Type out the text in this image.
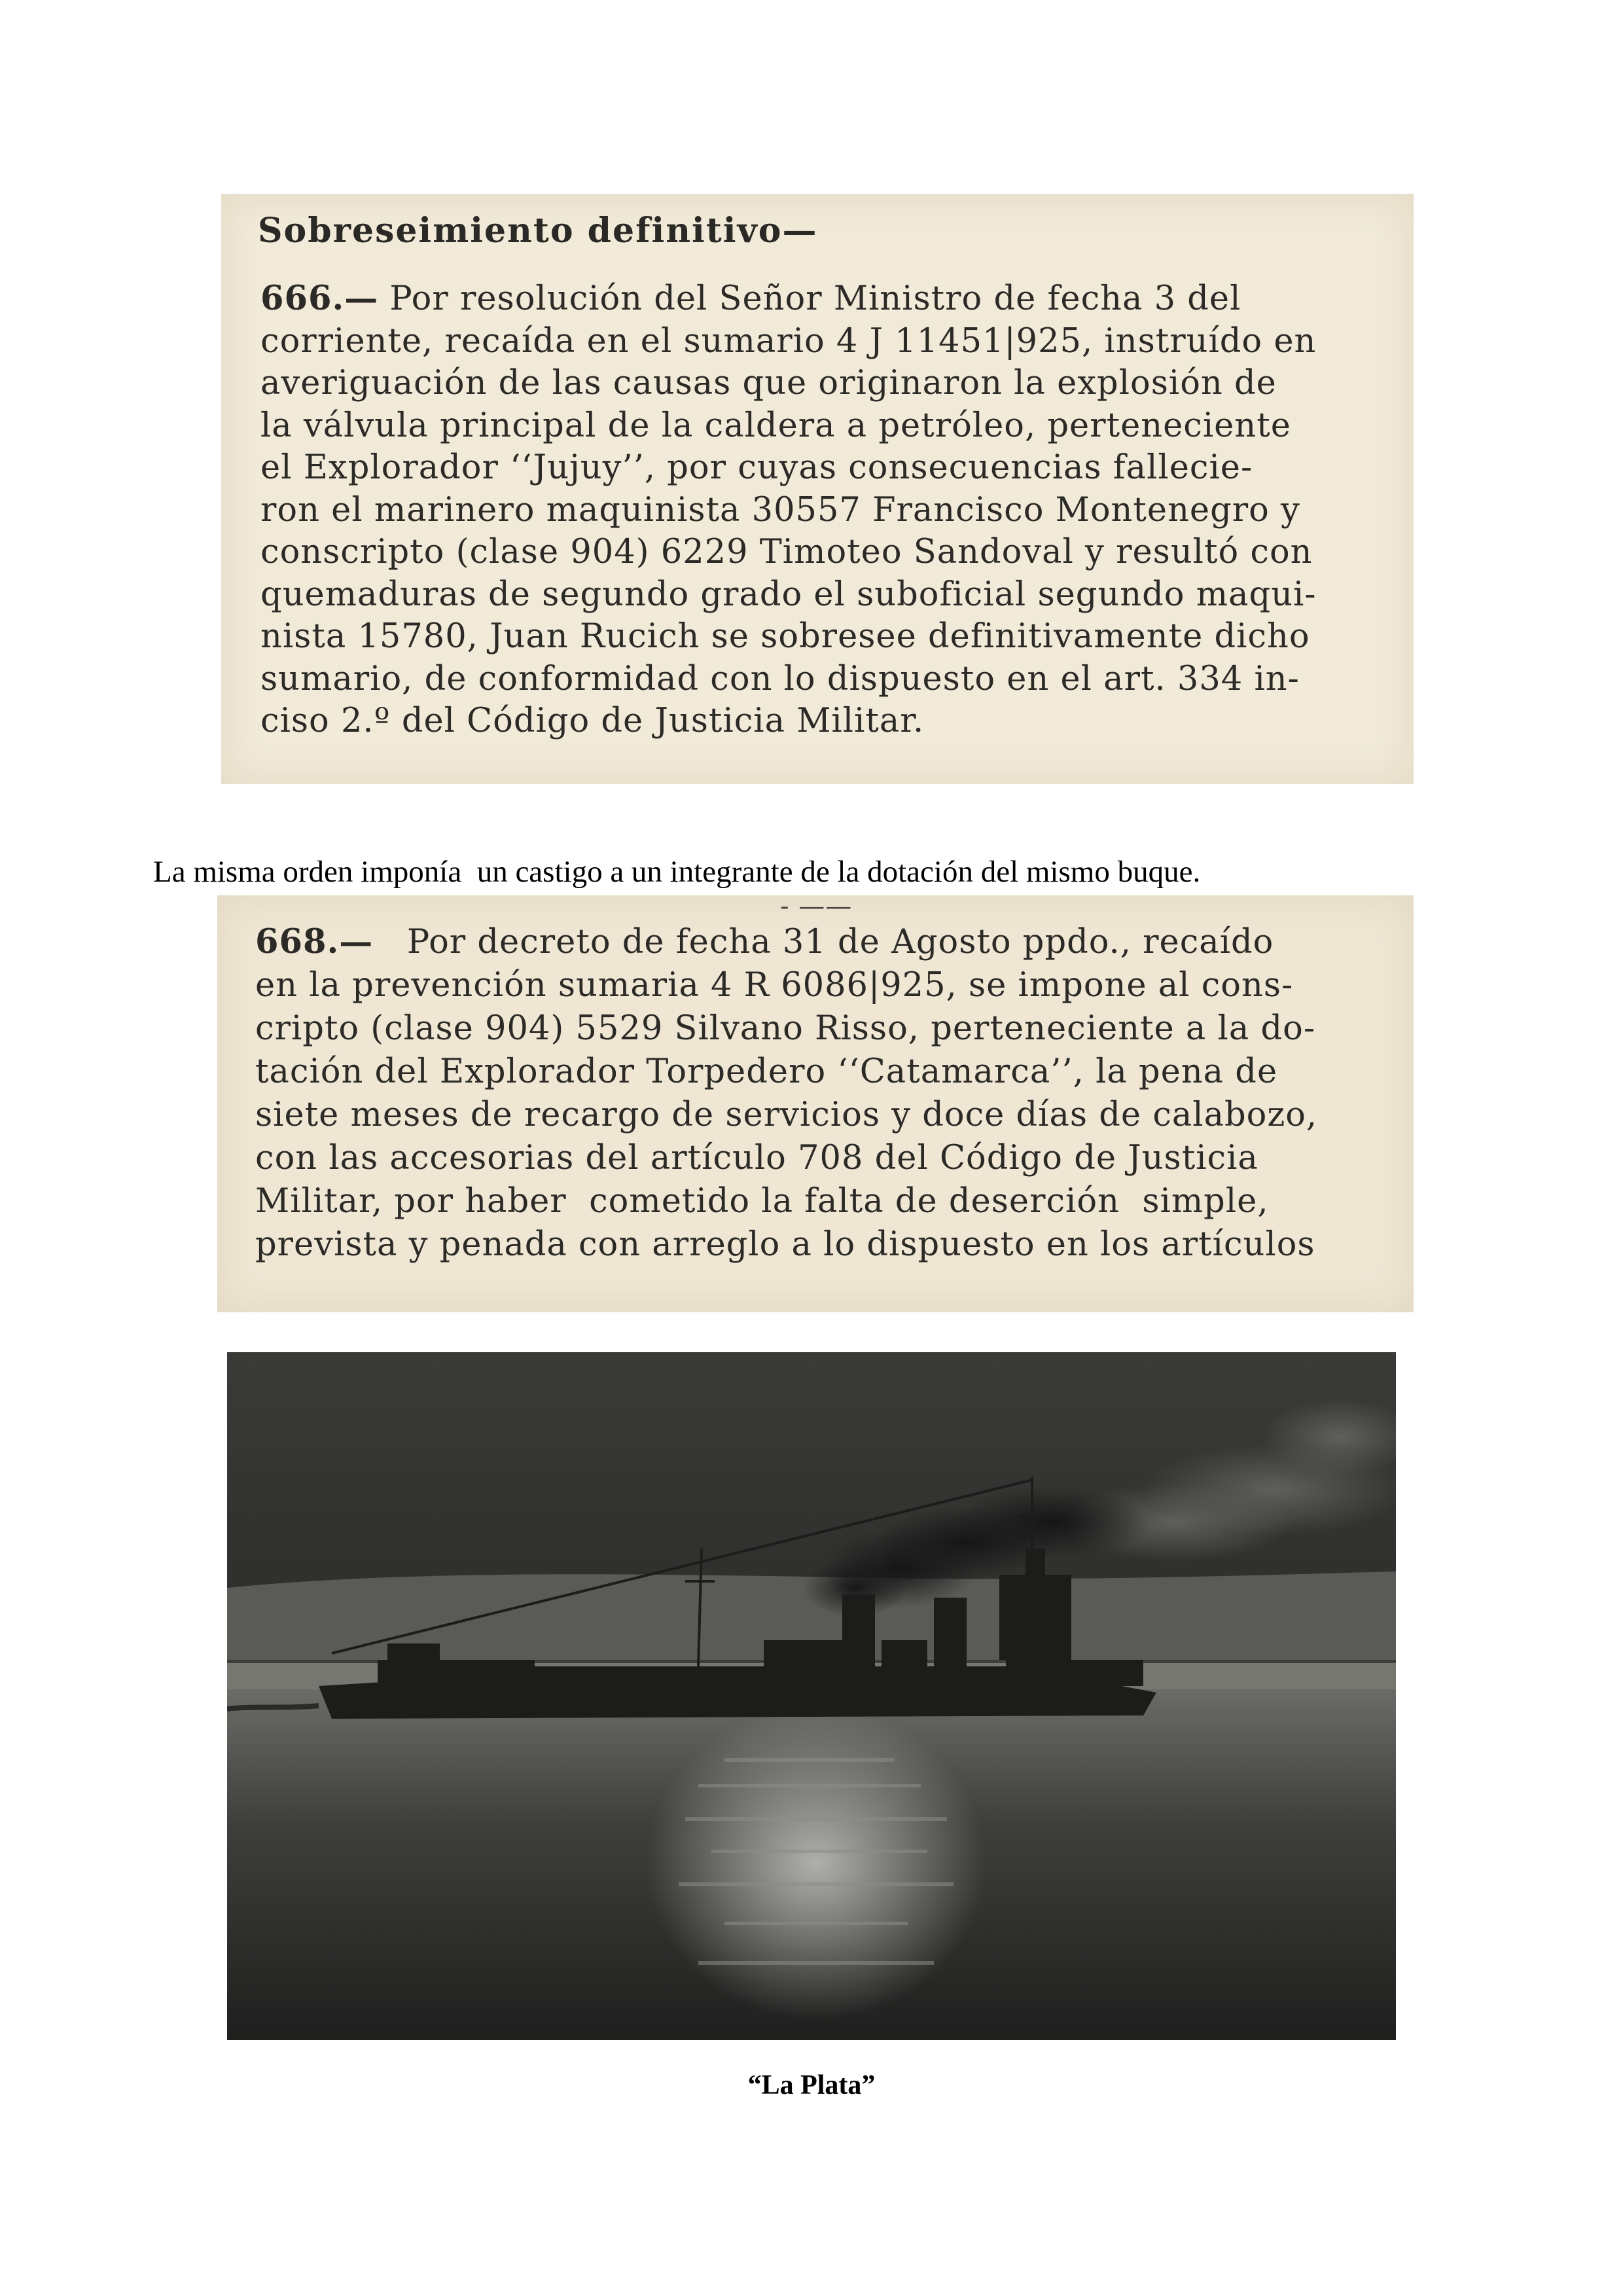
Sobreseimiento definitivo—

666.— Por resolución del Señor Ministro de fecha 3 del

corriente, recaída en el sumario 4 J 11451|925, instruído en

averiguación de las causas que originaron la explosión de

la válvula principal de la caldera a petróleo, perteneciente

el Explorador ‘‘Jujuy’’, por cuyas consecuencias fallecie-

ron el marinero maquinista 30557 Francisco Montenegro y

conscripto (clase 904) 6229 Timoteo Sandoval y resultó con

quemaduras de segundo grado el suboficial segundo maqui-

nista 15780, Juan Rucich se sobresee definitivamente dicho

sumario, de conformidad con lo dispuesto en el art. 334 in-

ciso 2.º del Código de Justicia Militar.

La misma orden imponía  un castigo a un integrante de la dotación del mismo buque.

- ——

668.—   Por decreto de fecha 31 de Agosto ppdo., recaído

en la prevención sumaria 4 R 6086|925, se impone al cons-

cripto (clase 904) 5529 Silvano Risso, perteneciente a la do-

tación del Explorador Torpedero ‘‘Catamarca’’, la pena de

siete meses de recargo de servicios y doce días de calabozo,

con las accesorias del artículo 708 del Código de Justicia

Militar, por haber  cometido la falta de deserción  simple,

prevista y penada con arreglo a lo dispuesto en los artículos

“La Plata”
